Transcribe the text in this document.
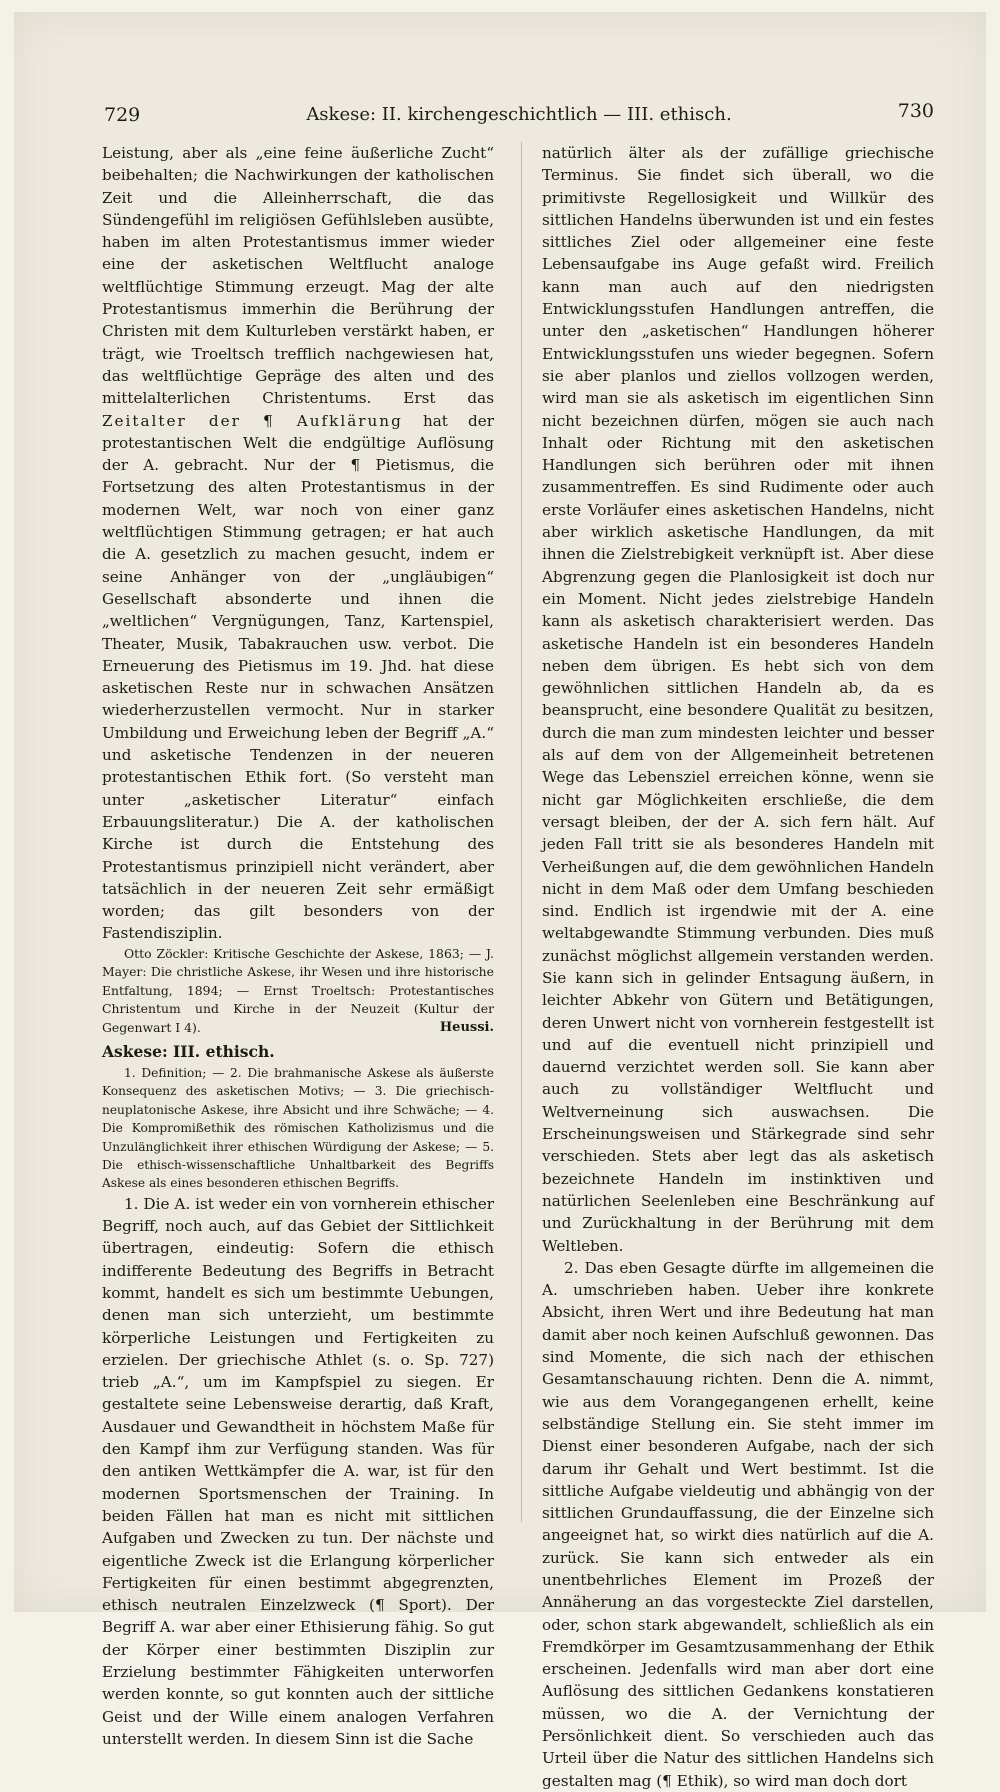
729	Askese: II. kirchengeschichtlich — III. ethisch.	730

Leistung, aber als „eine feine äußerliche Zucht“ beibehalten; die Nachwirkungen der katholischen Zeit und die Alleinherrschaft, die das Sündengefühl im religiösen Gefühlsleben ausübte, haben im alten Protestantismus immer wieder eine der asketischen Weltflucht analoge weltflüchtige Stimmung erzeugt. Mag der alte Protestantismus immerhin die Berührung der Christen mit dem Kulturleben verstärkt haben, er trägt, wie Troeltsch trefflich nachgewiesen hat, das weltflüchtige Gepräge des alten und des mittelalterlichen Christentums. Erst das Zeitalter der ¶ Aufklärung hat der protestantischen Welt die endgültige Auflösung der A. gebracht. Nur der ¶ Pietismus, die Fortsetzung des alten Protestantismus in der modernen Welt, war noch von einer ganz weltflüchtigen Stimmung getragen; er hat auch die A. gesetzlich zu machen gesucht, indem er seine Anhänger von der „ungläubigen“ Gesellschaft absonderte und ihnen die „weltlichen“ Vergnügungen, Tanz, Kartenspiel, Theater, Musik, Tabakrauchen usw. verbot. Die Erneuerung des Pietismus im 19. Jhd. hat diese asketischen Reste nur in schwachen Ansätzen wiederherzustellen vermocht. Nur in starker Umbildung und Erweichung leben der Begriff „A.“ und asketische Tendenzen in der neueren protestantischen Ethik fort. (So versteht man unter „asketischer Literatur“ einfach Erbauungsliteratur.) Die A. der katholischen Kirche ist durch die Entstehung des Protestantismus prinzipiell nicht verändert, aber tatsächlich in der neueren Zeit sehr ermäßigt worden; das gilt besonders von der Fastendisziplin.

Otto Zöckler: Kritische Geschichte der Askese, 1863; — J. Mayer: Die christliche Askese, ihr Wesen und ihre historische Entfaltung, 1894; — Ernst Troeltsch: Protestantisches Christentum und Kirche in der Neuzeit (Kultur der Gegenwart I 4).	Heussi.

Askese: III. ethisch.

1. Definition; — 2. Die brahmanische Askese als äußerste Konsequenz des asketischen Motivs; — 3. Die griechisch-neuplatonische Askese, ihre Absicht und ihre Schwäche; — 4. Die Kompromißethik des römischen Katholizismus und die Unzulänglichkeit ihrer ethischen Würdigung der Askese; — 5. Die ethisch-wissenschaftliche Unhaltbarkeit des Begriffs Askese als eines besonderen ethischen Begriffs.

1. Die A. ist weder ein von vornherein ethischer Begriff, noch auch, auf das Gebiet der Sittlichkeit übertragen, eindeutig: Sofern die ethisch indifferente Bedeutung des Begriffs in Betracht kommt, handelt es sich um bestimmte Uebungen, denen man sich unterzieht, um bestimmte körperliche Leistungen und Fertigkeiten zu erzielen. Der griechische Athlet (s. o. Sp. 727) trieb „A.“, um im Kampfspiel zu siegen. Er gestaltete seine Lebensweise derartig, daß Kraft, Ausdauer und Gewandtheit in höchstem Maße für den Kampf ihm zur Verfügung standen. Was für den antiken Wettkämpfer die A. war, ist für den modernen Sportsmenschen der Training. In beiden Fällen hat man es nicht mit sittlichen Aufgaben und Zwecken zu tun. Der nächste und eigentliche Zweck ist die Erlangung körperlicher Fertigkeiten für einen bestimmt abgegrenzten, ethisch neutralen Einzelzweck (¶ Sport). Der Begriff A. war aber einer Ethisierung fähig. So gut der Körper einer bestimmten Disziplin zur Erzielung bestimmter Fähigkeiten unterworfen werden konnte, so gut konnten auch der sittliche Geist und der Wille einem analogen Verfahren unterstellt werden. In diesem Sinn ist die Sache

natürlich älter als der zufällige griechische Terminus. Sie findet sich überall, wo die primitivste Regellosigkeit und Willkür des sittlichen Handelns überwunden ist und ein festes sittliches Ziel oder allgemeiner eine feste Lebensaufgabe ins Auge gefaßt wird. Freilich kann man auch auf den niedrigsten Entwicklungsstufen Handlungen antreffen, die unter den „asketischen“ Handlungen höherer Entwicklungsstufen uns wieder begegnen. Sofern sie aber planlos und ziellos vollzogen werden, wird man sie als asketisch im eigentlichen Sinn nicht bezeichnen dürfen, mögen sie auch nach Inhalt oder Richtung mit den asketischen Handlungen sich berühren oder mit ihnen zusammentreffen. Es sind Rudimente oder auch erste Vorläufer eines asketischen Handelns, nicht aber wirklich asketische Handlungen, da mit ihnen die Zielstrebigkeit verknüpft ist. Aber diese Abgrenzung gegen die Planlosigkeit ist doch nur ein Moment. Nicht jedes zielstrebige Handeln kann als asketisch charakterisiert werden. Das asketische Handeln ist ein besonderes Handeln neben dem übrigen. Es hebt sich von dem gewöhnlichen sittlichen Handeln ab, da es beansprucht, eine besondere Qualität zu besitzen, durch die man zum mindesten leichter und besser als auf dem von der Allgemeinheit betretenen Wege das Lebensziel erreichen könne, wenn sie nicht gar Möglichkeiten erschließe, die dem versagt bleiben, der der A. sich fern hält. Auf jeden Fall tritt sie als besonderes Handeln mit Verheißungen auf, die dem gewöhnlichen Handeln nicht in dem Maß oder dem Umfang beschieden sind. Endlich ist irgendwie mit der A. eine weltabgewandte Stimmung verbunden. Dies muß zunächst möglichst allgemein verstanden werden. Sie kann sich in gelinder Entsagung äußern, in leichter Abkehr von Gütern und Betätigungen, deren Unwert nicht von vornherein festgestellt ist und auf die eventuell nicht prinzipiell und dauernd verzichtet werden soll. Sie kann aber auch zu vollständiger Weltflucht und Weltverneinung sich auswachsen. Die Erscheinungsweisen und Stärkegrade sind sehr verschieden. Stets aber legt das als asketisch bezeichnete Handeln im instinktiven und natürlichen Seelenleben eine Beschränkung auf und Zurückhaltung in der Berührung mit dem Weltleben.

2. Das eben Gesagte dürfte im allgemeinen die A. umschrieben haben. Ueber ihre konkrete Absicht, ihren Wert und ihre Bedeutung hat man damit aber noch keinen Aufschluß gewonnen. Das sind Momente, die sich nach der ethischen Gesamtanschauung richten. Denn die A. nimmt, wie aus dem Vorangegangenen erhellt, keine selbständige Stellung ein. Sie steht immer im Dienst einer besonderen Aufgabe, nach der sich darum ihr Gehalt und Wert bestimmt. Ist die sittliche Aufgabe vieldeutig und abhängig von der sittlichen Grundauffassung, die der Einzelne sich angeeignet hat, so wirkt dies natürlich auf die A. zurück. Sie kann sich entweder als ein unentbehrliches Element im Prozeß der Annäherung an das vorgesteckte Ziel darstellen, oder, schon stark abgewandelt, schließlich als ein Fremdkörper im Gesamtzusammenhang der Ethik erscheinen. Jedenfalls wird man aber dort eine Auflösung des sittlichen Gedankens konstatieren müssen, wo die A. der Vernichtung der Persönlichkeit dient. So verschieden auch das Urteil über die Natur des sittlichen Handelns sich gestalten mag (¶ Ethik), so wird man doch dort
